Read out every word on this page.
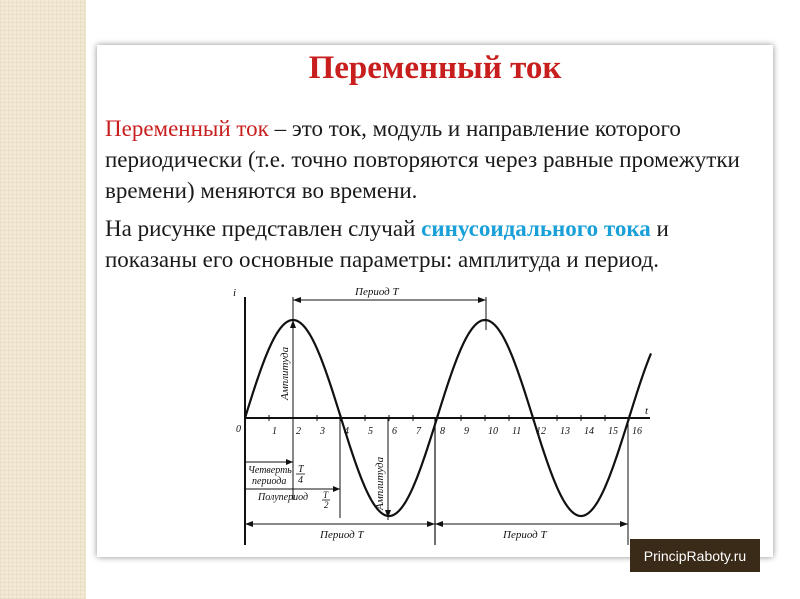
Переменный ток
Переменный ток – это ток, модуль и направление которого периодически (т.е. точно повторяются через равные промежутки времени) меняются во времени.
На рисунке представлен случай синусоидального тока и показаны его основные параметры: амплитуда и период.
i
t
0	1 2 3 4 5 6 7 8 9 10 11 12 13 14 15 16
Период T
Амплитуда
Амплитуда
Четверть
периода
T
4
Полупериод T
2
Период T	Период T
PrincipRaboty.ru
